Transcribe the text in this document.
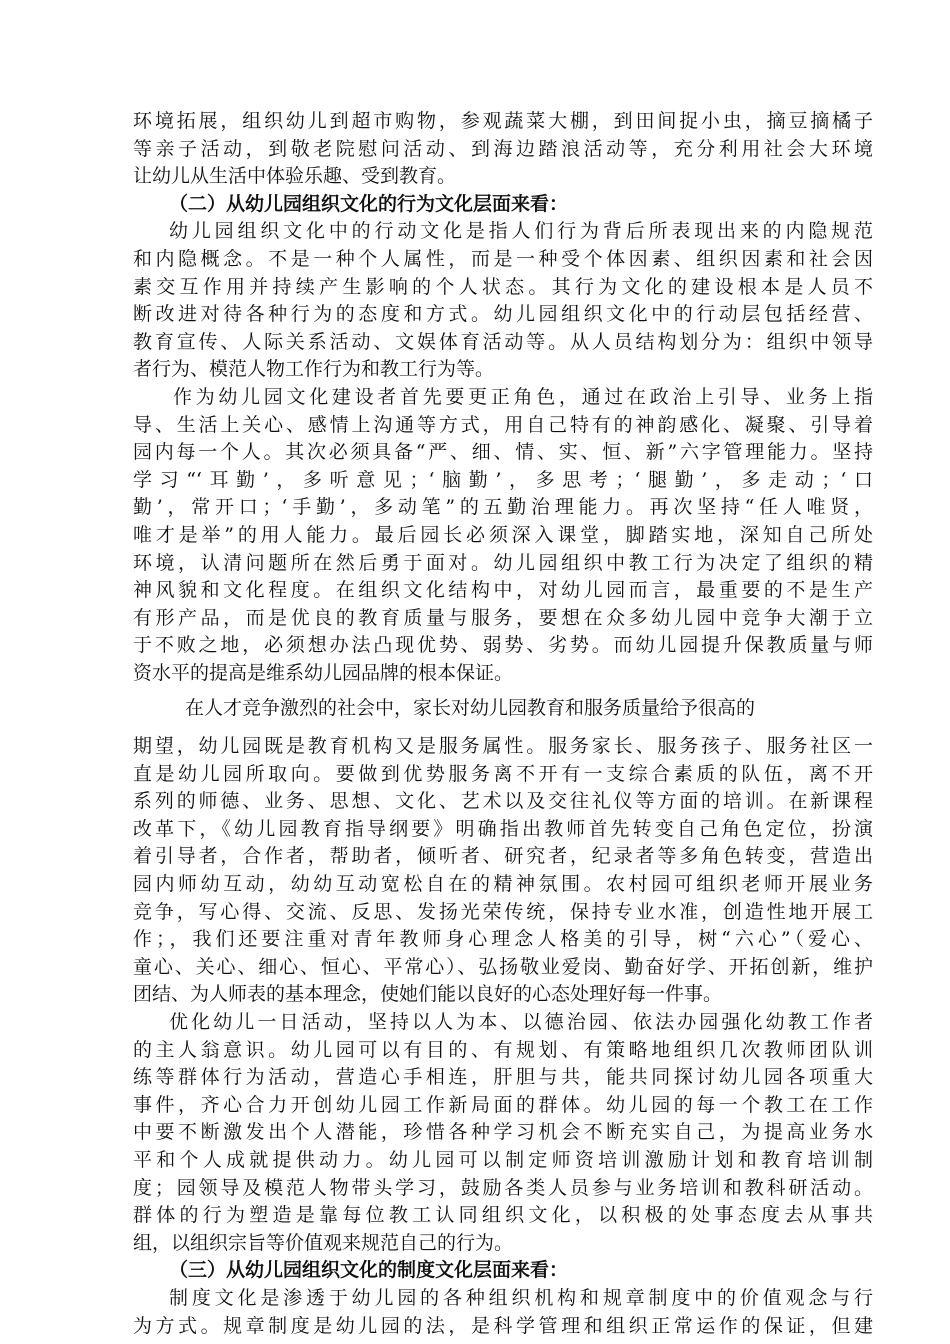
环境拓展，组织幼儿到超市购物，参观蔬菜大棚，到田间捉小虫，摘豆摘橘子
等亲子活动，到敬老院慰问活动、到海边踏浪活动等，充分利用社会大环境
让幼儿从生活中体验乐趣、受到教育。
（二）从幼儿园组织文化的行为文化层面来看：
幼儿园组织文化中的行动文化是指人们行为背后所表现出来的内隐规范
和内隐概念。不是一种个人属性，而是一种受个体因素、组织因素和社会因
素交互作用并持续产生影响的个人状态。其行为文化的建设根本是人员不
断改进对待各种行为的态度和方式。幼儿园组织文化中的行动层包括经营、
教育宣传、人际关系活动、文娱体育活动等。从人员结构划分为：组织中领导
者行为、模范人物工作行为和教工行为等。
作为幼儿园文化建设者首先要更正角色，通过在政治上引导、业务上指
导、生活上关心、感情上沟通等方式，用自己特有的神韵感化、凝聚、引导着
园内每一个人。其次必须具备“严、细、情、实、恒、新”六字管理能力。坚持
学习“‘耳勤’，多听意见；‘脑勤’，多思考；‘腿勤’，多走动；‘口
勤’，常开口；‘手勤’，多动笔”的五勤治理能力。再次坚持“任人唯贤，
唯才是举”的用人能力。最后园长必须深入课堂，脚踏实地，深知自己所处
环境，认清问题所在然后勇于面对。幼儿园组织中教工行为决定了组织的精
神风貌和文化程度。在组织文化结构中，对幼儿园而言，最重要的不是生产
有形产品，而是优良的教育质量与服务，要想在众多幼儿园中竞争大潮于立
于不败之地，必须想办法凸现优势、弱势、劣势。而幼儿园提升保教质量与师
资水平的提高是维系幼儿园品牌的根本保证。
在人才竞争激烈的社会中，家长对幼儿园教育和服务质量给予很高的
期望，幼儿园既是教育机构又是服务属性。服务家长、服务孩子、服务社区一
直是幼儿园所取向。要做到优势服务离不开有一支综合素质的队伍，离不开
系列的师德、业务、思想、文化、艺术以及交往礼仪等方面的培训。在新课程
改革下，《幼儿园教育指导纲要》明确指出教师首先转变自己角色定位，扮演
着引导者，合作者，帮助者，倾听者、研究者，纪录者等多角色转变，营造出
园内师幼互动，幼幼互动宽松自在的精神氛围。农村园可组织老师开展业务
竞争，写心得、交流、反思、发扬光荣传统，保持专业水准，创造性地开展工
作；，我们还要注重对青年教师身心理念人格美的引导，树“六心”（爱心、
童心、关心、细心、恒心、平常心）、弘扬敬业爱岗、勤奋好学、开拓创新，维护
团结、为人师表的基本理念，使她们能以良好的心态处理好每一件事。
优化幼儿一日活动，坚持以人为本、以德治园、依法办园强化幼教工作者
的主人翁意识。幼儿园可以有目的、有规划、有策略地组织几次教师团队训
练等群体行为活动，营造心手相连，肝胆与共，能共同探讨幼儿园各项重大
事件，齐心合力开创幼儿园工作新局面的群体。幼儿园的每一个教工在工作
中要不断激发出个人潜能，珍惜各种学习机会不断充实自己，为提高业务水
平和个人成就提供动力。幼儿园可以制定师资培训激励计划和教育培训制
度；园领导及模范人物带头学习，鼓励各类人员参与业务培训和教科研活动。
群体的行为塑造是靠每位教工认同组织文化，以积极的处事态度去从事共
组，以组织宗旨等价值观来规范自己的行为。
（三）从幼儿园组织文化的制度文化层面来看：
制度文化是渗透于幼儿园的各种组织机构和规章制度中的价值观念与行
为方式。规章制度是幼儿园的法，是科学管理和组织正常运作的保证，但建
